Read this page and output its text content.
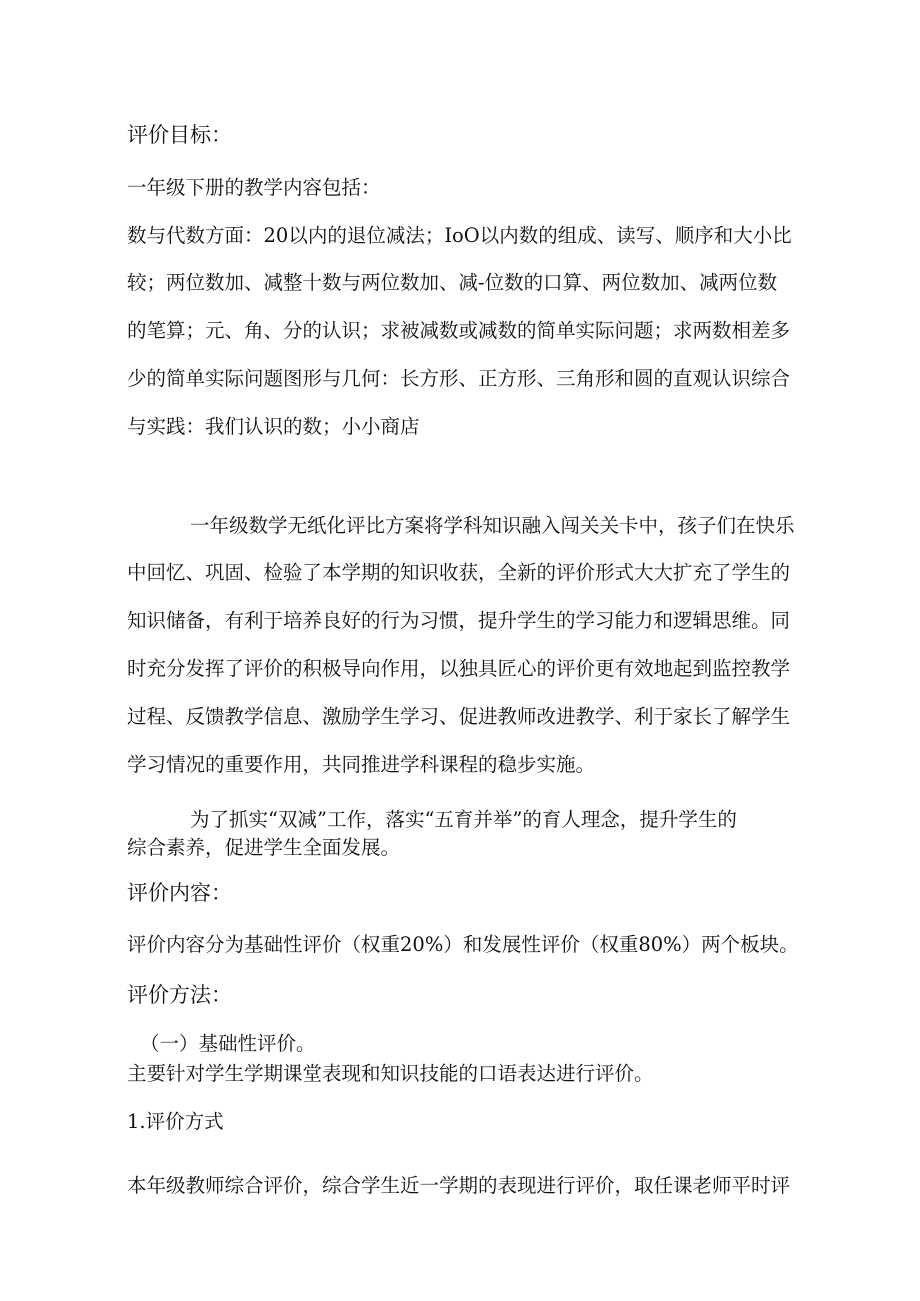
评价目标：

一年级下册的教学内容包括：

数与代数方面：20以内的退位减法；IoO以内数的组成、读写、顺序和大小比

较；两位数加、减整十数与两位数加、减-位数的口算、两位数加、减两位数

的笔算；元、角、分的认识；求被减数或减数的简单实际问题；求两数相差多

少的简单实际问题图形与几何：长方形、正方形、三角形和圆的直观认识综合

与实践：我们认识的数；小小商店

一年级数学无纸化评比方案将学科知识融入闯关关卡中，孩子们在快乐

中回忆、巩固、检验了本学期的知识收获，全新的评价形式大大扩充了学生的

知识储备，有利于培养良好的行为习惯，提升学生的学习能力和逻辑思维。同

时充分发挥了评价的积极导向作用，以独具匠心的评价更有效地起到监控教学

过程、反馈教学信息、激励学生学习、促进教师改进教学、利于家长了解学生

学习情况的重要作用，共同推进学科课程的稳步实施。

为了抓实“双减”工作，落实“五育并举”的育人理念，提升学生的

综合素养，促进学生全面发展。

评价内容：

评价内容分为基础性评价（权重20%）和发展性评价（权重80%）两个板块。

评价方法：

（一）基础性评价。

主要针对学生学期课堂表现和知识技能的口语表达进行评价。

1.评价方式

本年级教师综合评价，综合学生近一学期的表现进行评价，取任课老师平时评
